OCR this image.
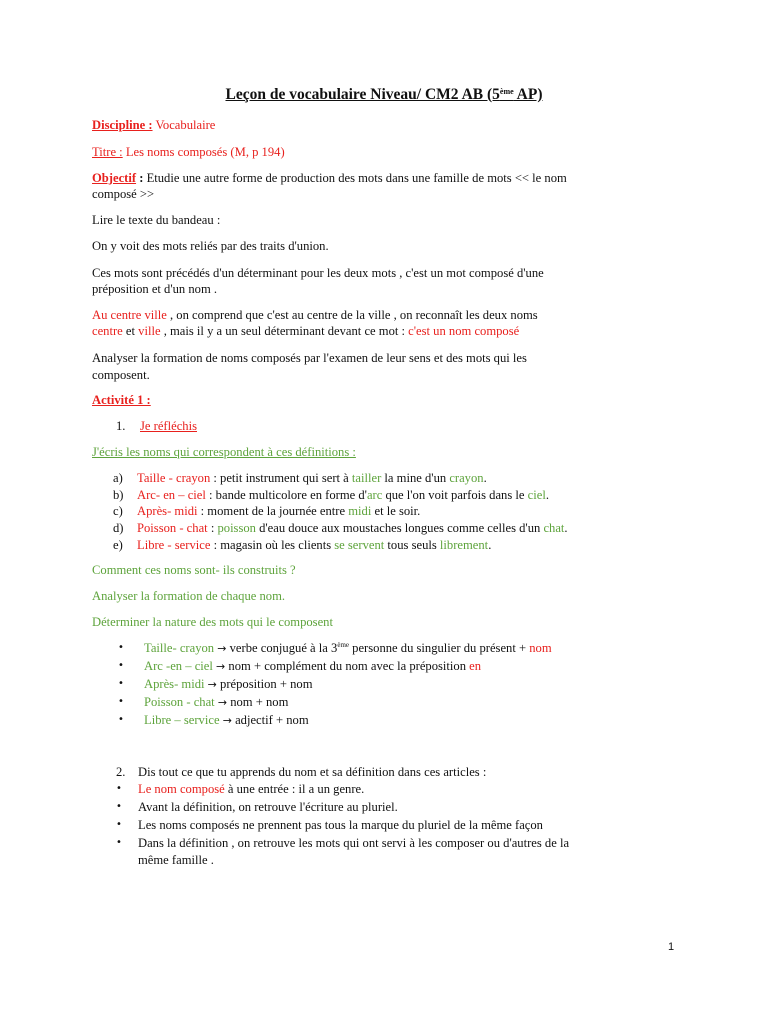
Leçon de vocabulaire Niveau/ CM2 AB (5ème AP)
Discipline : Vocabulaire
Titre : Les noms composés (M, p 194)
Objectif : Etudie une autre forme de production des mots dans une famille de mots << le nom
composé >>
Lire le texte du bandeau :
On y voit des mots reliés par des traits d'union.
Ces mots sont précédés d'un déterminant pour les deux mots , c'est un mot composé d'une
préposition et d'un nom .
Au centre ville , on comprend que c'est au centre de la ville , on reconnaît les deux noms
centre et ville , mais il y a un seul déterminant devant ce mot : c'est un nom composé
Analyser la formation de noms composés par l'examen de leur sens et des mots qui les
composent.
Activité 1 :
1. Je réfléchis
J'écris les noms qui correspondent à ces définitions :
a) Taille - crayon : petit instrument qui sert à tailler la mine d'un crayon.
b) Arc- en – ciel : bande multicolore en forme d'arc que l'on voit parfois dans le ciel.
c) Après- midi : moment de la journée entre midi et le soir.
d) Poisson - chat : poisson d'eau douce aux moustaches longues comme celles d'un chat.
e) Libre - service : magasin où les clients se servent tous seuls librement.
Comment ces noms sont- ils construits ?
Analyser la formation de chaque nom.
Déterminer la nature des mots qui le composent
• Taille- crayon → verbe conjugué à la 3ème personne du singulier du présent + nom
• Arc -en – ciel → nom + complément du nom avec la préposition en
• Après- midi → préposition + nom
• Poisson - chat → nom + nom
• Libre – service → adjectif + nom
2. Dis tout ce que tu apprends du nom et sa définition dans ces articles :
• Le nom composé à une entrée : il a un genre.
• Avant la définition, on retrouve l'écriture au pluriel.
• Les noms composés ne prennent pas tous la marque du pluriel de la même façon
• Dans la définition , on retrouve les mots qui ont servi à les composer ou d'autres de la
même famille .
1
